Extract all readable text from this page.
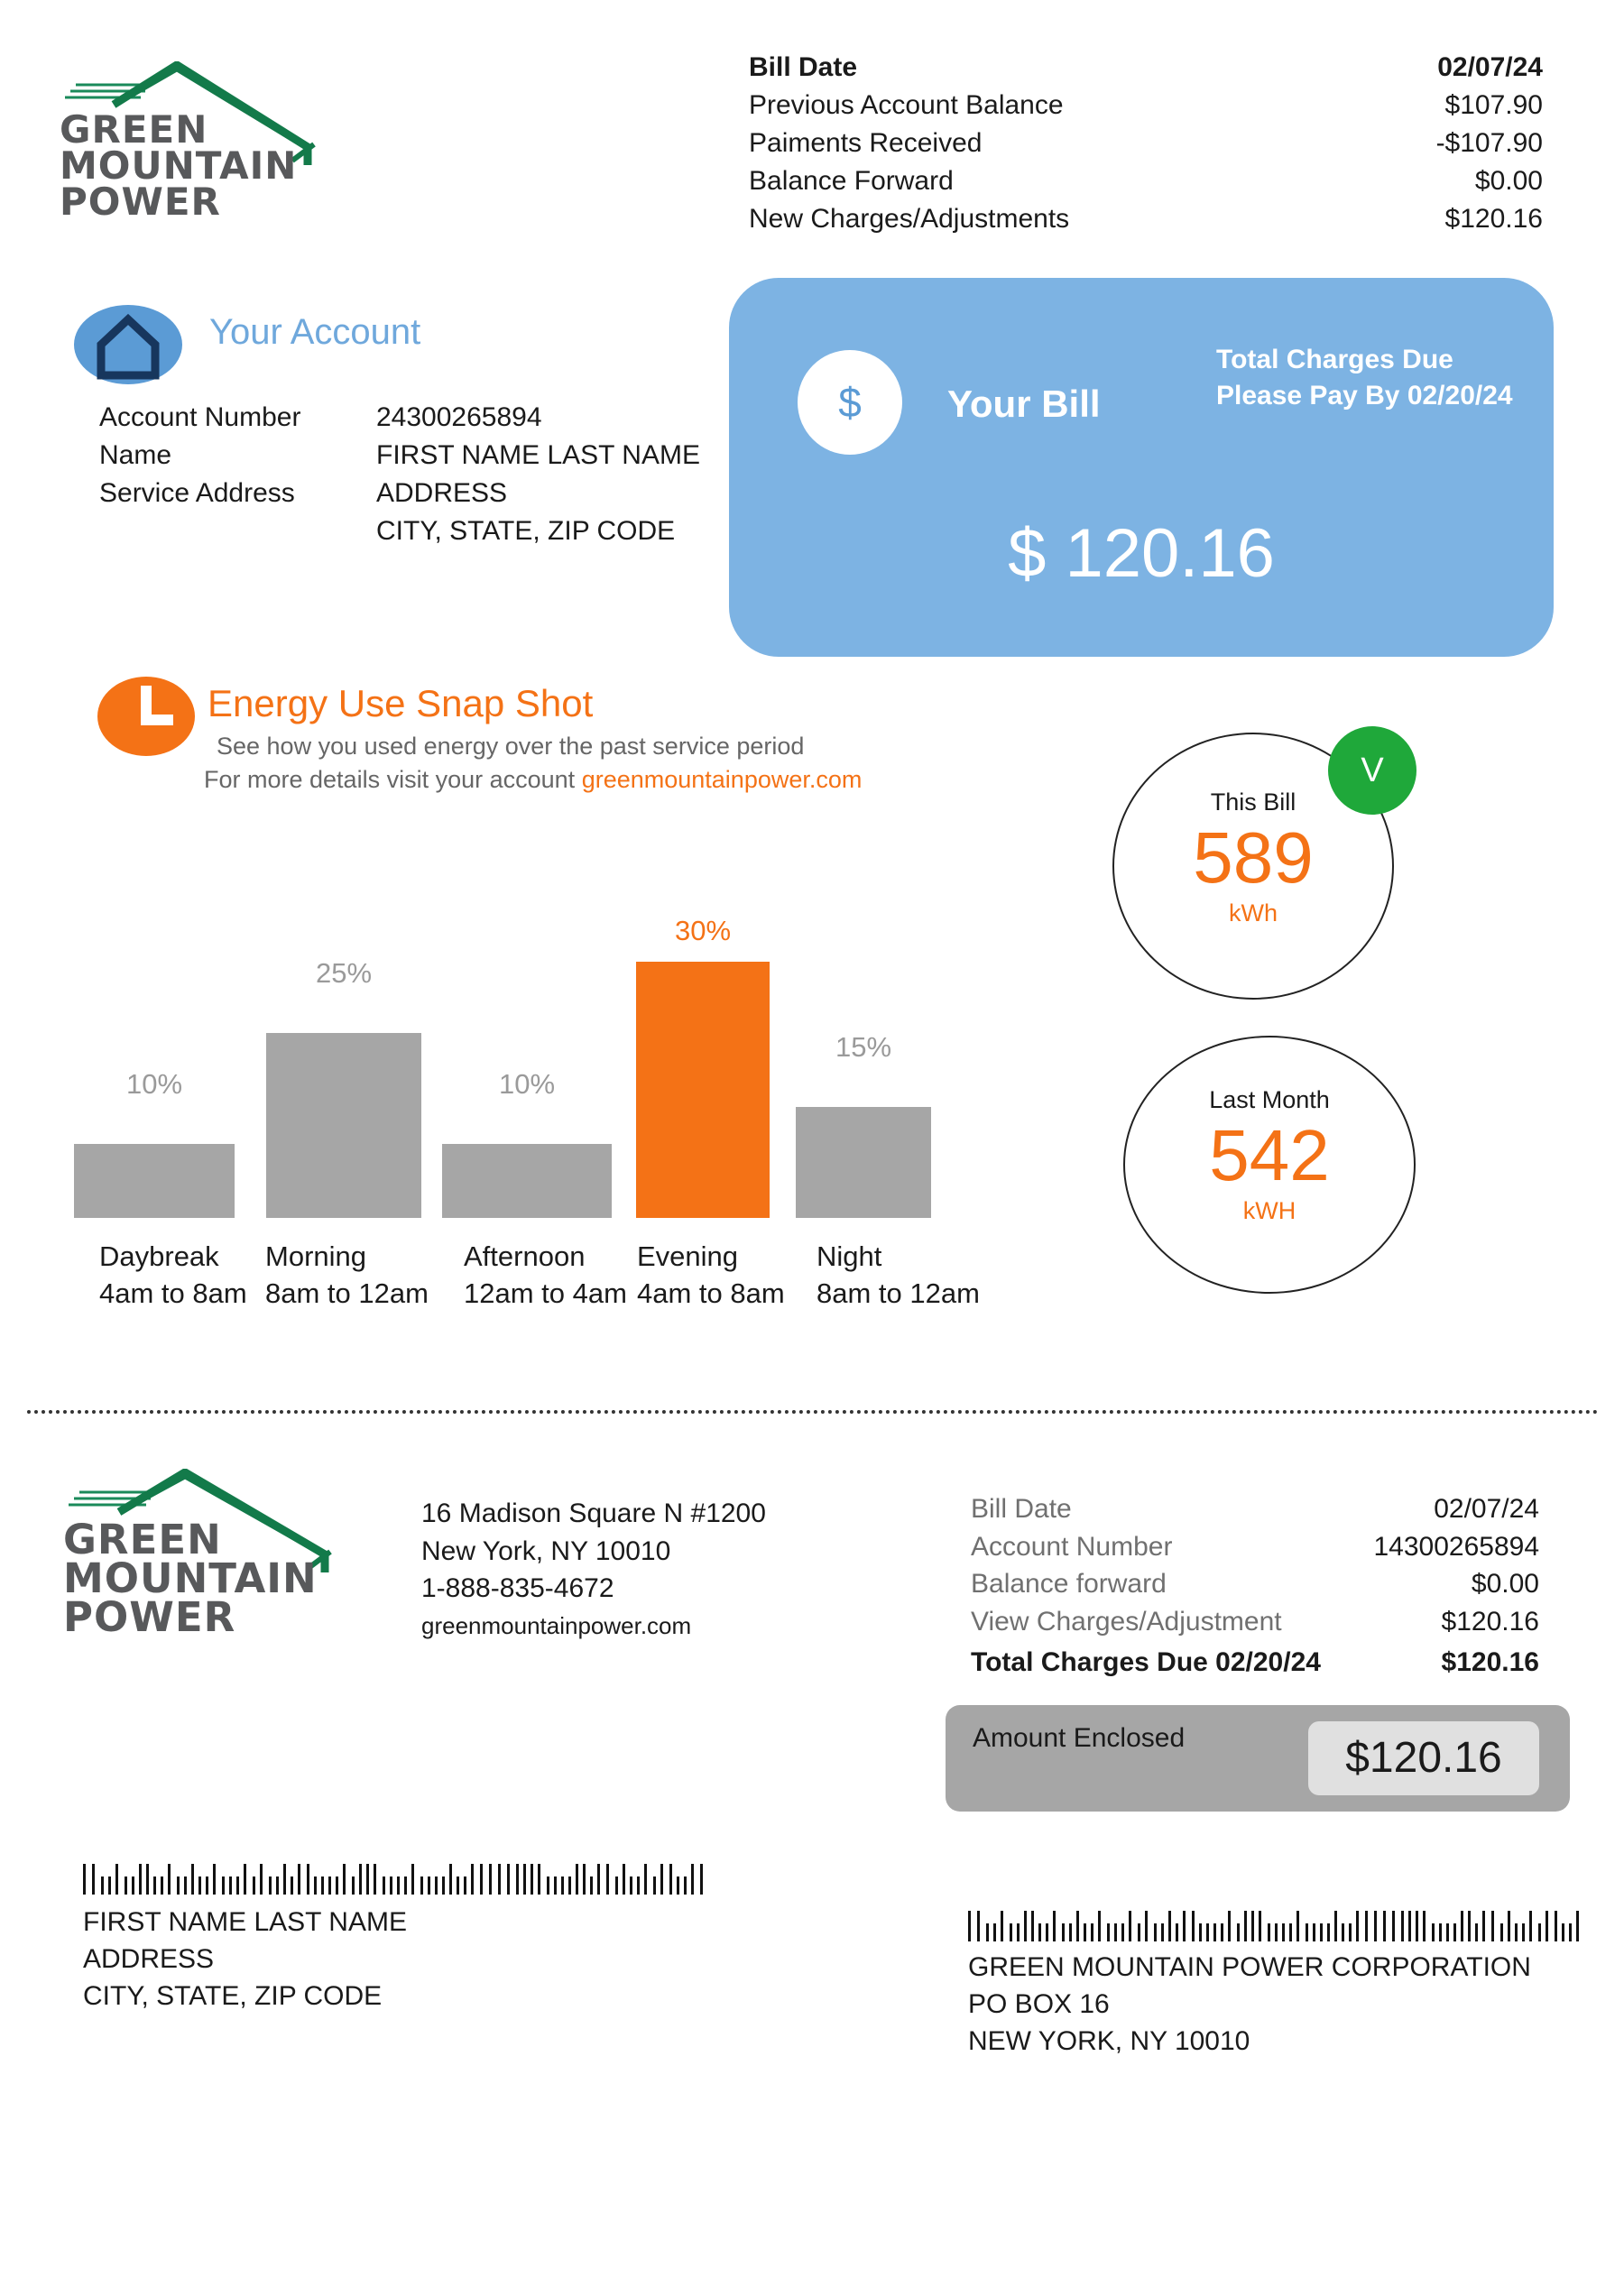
GREEN
MOUNTAIN
POWER
Bill Date	02/07/24
Previous Account Balance	$107.90
Paiments Received	-$107.90
Balance Forward	$0.00
New Charges/Adjustments	$120.16
Your Account
Account Number	24300265894
Name	FIRST NAME LAST NAME
Service Address	ADDRESS
CITY, STATE, ZIP CODE
$	Your Bill
Total Charges Due
Please Pay By 02/20/24
$ 120.16
Energy Use Snap Shot
See how you used energy over the past service period
For more details visit your account greenmountainpower.com
10%
Daybreak
4am to 8am
25%
Morning
8am to 12am
10%
Afternoon
12am to 4am
30%
Evening
4am to 8am
15%
Night
8am to 12am
This Bill
589
kWh
V
Last Month
542
kWH
GREEN
MOUNTAIN
POWER
16 Madison Square N #1200
New York, NY 10010
1-888-835-4672
greenmountainpower.com
Bill Date	02/07/24
Account Number	14300265894
Balance forward	$0.00
View Charges/Adjustment	$120.16
Total Charges Due 02/20/24	$120.16
Amount Enclosed	$120.16
FIRST NAME LAST NAME
ADDRESS
CITY, STATE, ZIP CODE
GREEN MOUNTAIN POWER CORPORATION
PO BOX 16
NEW YORK, NY 10010
